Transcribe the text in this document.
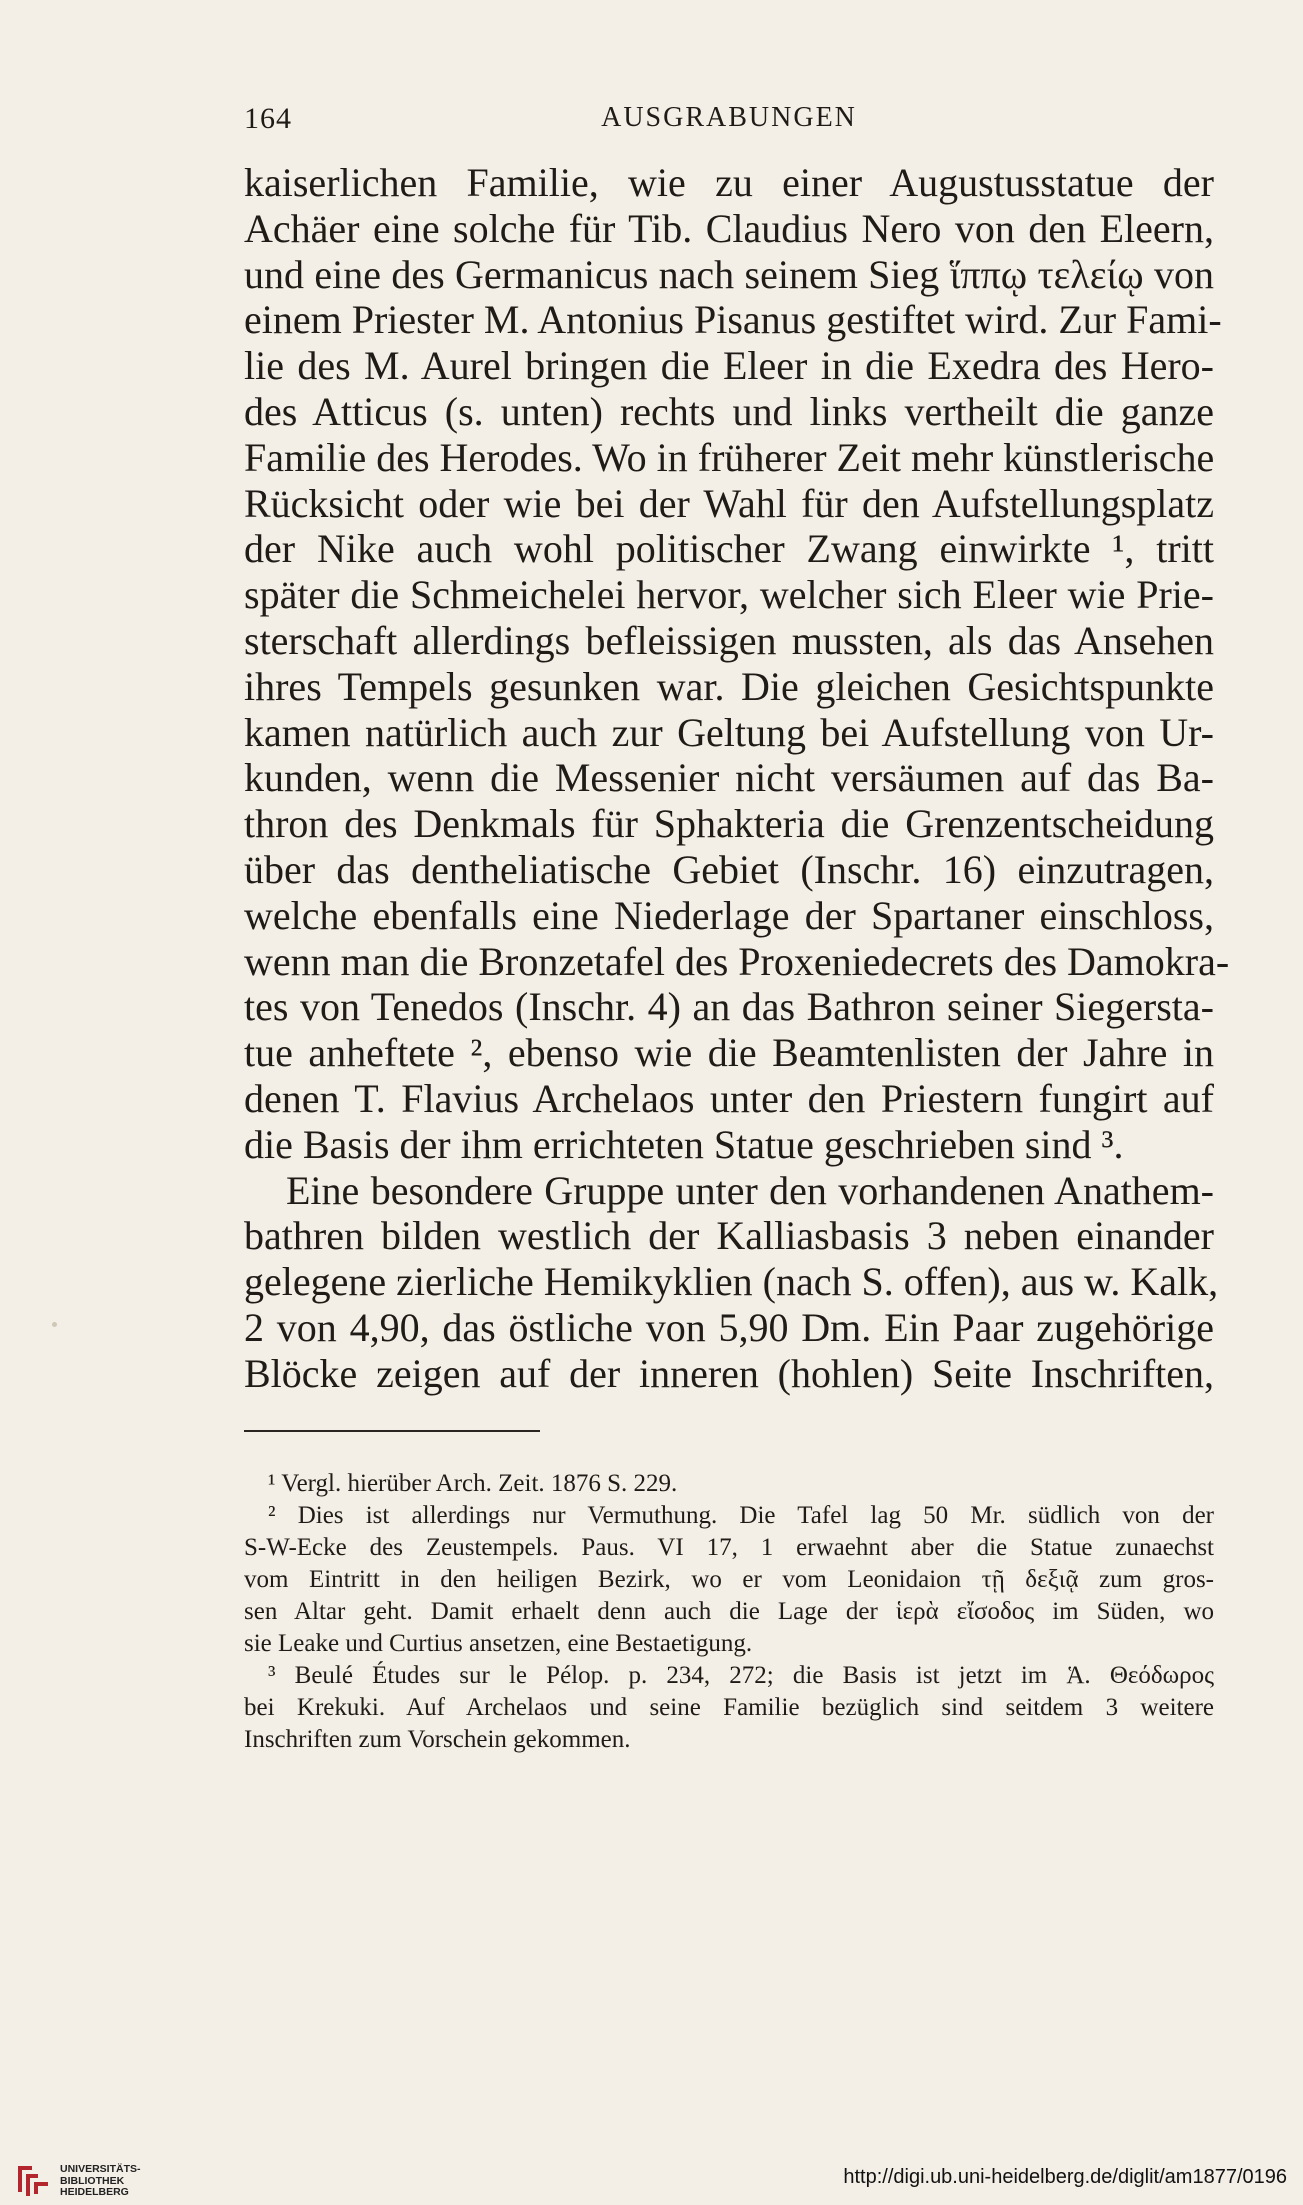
164	AUSGRABUNGEN
kaiserlichen Familie, wie zu einer Augustusstatue der
Achäer eine solche für Tib. Claudius Nero von den Eleern,
und eine des Germanicus nach seinem Sieg ἵππῳ τελείῳ von
einem Priester M. Antonius Pisanus gestiftet wird. Zur Fami-
lie des M. Aurel bringen die Eleer in die Exedra des Hero-
des Atticus (s. unten) rechts und links vertheilt die ganze
Familie des Herodes. Wo in früherer Zeit mehr künstlerische
Rücksicht oder wie bei der Wahl für den Aufstellungsplatz
der Nike auch wohl politischer Zwang einwirkte ¹, tritt
später die Schmeichelei hervor, welcher sich Eleer wie Prie-
sterschaft allerdings befleissigen mussten, als das Ansehen
ihres Tempels gesunken war. Die gleichen Gesichtspunkte
kamen natürlich auch zur Geltung bei Aufstellung von Ur-
kunden, wenn die Messenier nicht versäumen auf das Ba-
thron des Denkmals für Sphakteria die Grenzentscheidung
über das dentheliatische Gebiet (Inschr. 16) einzutragen,
welche ebenfalls eine Niederlage der Spartaner einschloss,
wenn man die Bronzetafel des Proxeniedecrets des Damokra-
tes von Tenedos (Inschr. 4) an das Bathron seiner Siegersta-
tue anheftete ², ebenso wie die Beamtenlisten der Jahre in
denen T. Flavius Archelaos unter den Priestern fungirt auf
die Basis der ihm errichteten Statue geschrieben sind ³.
Eine besondere Gruppe unter den vorhandenen Anathem-
bathren bilden westlich der Kalliasbasis 3 neben einander
gelegene zierliche Hemikyklien (nach S. offen), aus w. Kalk,
2 von 4,90, das östliche von 5,90 Dm. Ein Paar zugehörige
Blöcke zeigen auf der inneren (hohlen) Seite Inschriften,
¹ Vergl. hierüber Arch. Zeit. 1876 S. 229.
² Dies ist allerdings nur Vermuthung. Die Tafel lag 50 Mr. südlich von der
S-W-Ecke des Zeustempels. Paus. VI 17, 1 erwaehnt aber die Statue zunaechst
vom Eintritt in den heiligen Bezirk, wo er vom Leonidaion τῇ δεξιᾷ zum gros-
sen Altar geht. Damit erhaelt denn auch die Lage der ἱερὰ εἴσοδος im Süden, wo
sie Leake und Curtius ansetzen, eine Bestaetigung.
³ Beulé Études sur le Pélop. p. 234, 272; die Basis ist jetzt im Ἁ. Θεόδωρος
bei Krekuki. Auf Archelaos und seine Familie bezüglich sind seitdem 3 weitere
Inschriften zum Vorschein gekommen.
UNIVERSITÄTS-
BIBLIOTHEK
HEIDELBERG
http://digi.ub.uni-heidelberg.de/diglit/am1877/0196
